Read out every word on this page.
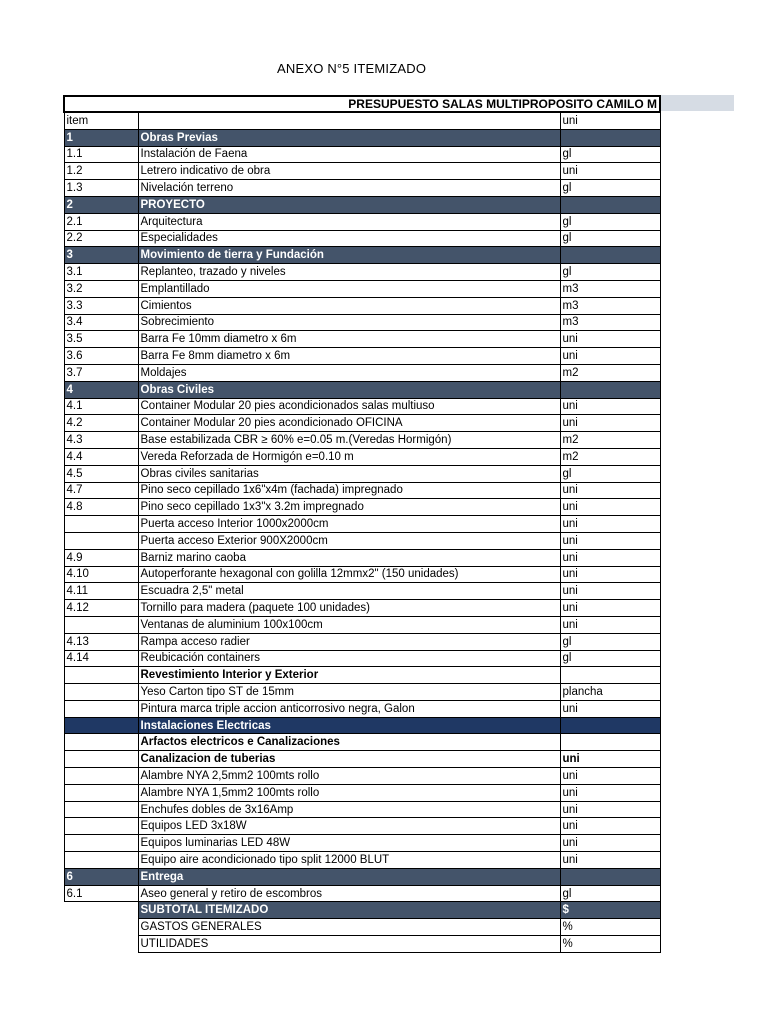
ANEXO N°5 ITEMIZADO
PRESUPUESTO SALAS MULTIPROPOSITO CAMILO M		
item		uni
1	Obras Previas	
1.1	Instalación de Faena	gl
1.2	Letrero indicativo de obra	uni
1.3	Nivelación terreno	gl
2	PROYECTO	
2.1	Arquitectura	gl
2.2	Especialidades	gl
3	Movimiento de tierra y Fundación	
3.1	Replanteo, trazado y niveles	gl
3.2	Emplantillado	m3
3.3	Cimientos	m3
3.4	Sobrecimiento	m3
3.5	Barra Fe 10mm diametro x 6m	uni
3.6	Barra Fe 8mm diametro x 6m	uni
3.7	Moldajes	m2
4	Obras Civiles	
4.1	Container Modular 20 pies acondicionados salas multiuso	uni
4.2	Container Modular 20 pies acondicionado OFICINA	uni
4.3	Base estabilizada CBR ≥ 60% e=0.05 m.(Veredas Hormigón)	m2
4.4	Vereda Reforzada de Hormigón e=0.10 m	m2
4.5	Obras civiles sanitarias	gl
4.7	Pino seco cepillado 1x6"x4m (fachada) impregnado	uni
4.8	Pino seco cepillado 1x3"x 3.2m impregnado	uni
	Puerta acceso Interior 1000x2000cm	uni
	Puerta acceso Exterior 900X2000cm	uni
4.9	Barniz marino caoba	uni
4.10	Autoperforante hexagonal con golilla 12mmx2" (150 unidades)	uni
4.11	Escuadra 2,5" metal	uni
4.12	Tornillo para madera (paquete 100 unidades)	uni
	Ventanas de aluminium 100x100cm	uni
4.13	Rampa acceso radier	gl
4.14	Reubicación containers	gl
	Revestimiento Interior y Exterior	
	Yeso Carton tipo ST de 15mm	plancha
	Pintura marca triple accion anticorrosivo negra, Galon	uni
	Instalaciones Electricas	
	Arfactos electricos e Canalizaciones	
	Canalizacion de tuberias	uni
	Alambre NYA 2,5mm2 100mts rollo	uni
	Alambre NYA 1,5mm2 100mts rollo	uni
	Enchufes dobles de 3x16Amp	uni
	Equipos LED 3x18W	uni
	Equipos luminarias LED 48W	uni
	Equipo aire acondicionado tipo split 12000 BLUT	uni
6	Entrega	
6.1	Aseo general y retiro de escombros	gl
	SUBTOTAL ITEMIZADO	$
	GASTOS GENERALES	%
	UTILIDADES	%
